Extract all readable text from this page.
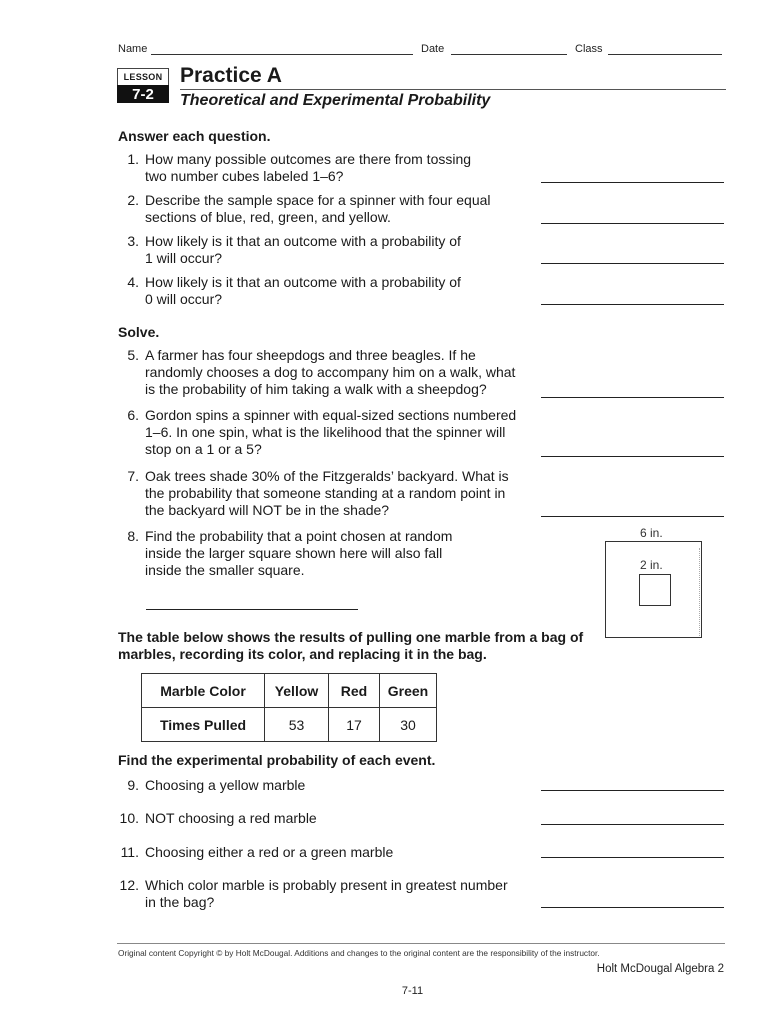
Name	Date	Class
LESSON
7-2
Practice A
Theoretical and Experimental Probability
Answer each question.
1. How many possible outcomes are there from tossing
two number cubes labeled 1–6?
2. Describe the sample space for a spinner with four equal
sections of blue, red, green, and yellow.
3. How likely is it that an outcome with a probability of
1 will occur?
4. How likely is it that an outcome with a probability of
0 will occur?
Solve.
5. A farmer has four sheepdogs and three beagles. If he
randomly chooses a dog to accompany him on a walk, what
is the probability of him taking a walk with a sheepdog?
6. Gordon spins a spinner with equal-sized sections numbered
1–6. In one spin, what is the likelihood that the spinner will
stop on a 1 or a 5?
7. Oak trees shade 30% of the Fitzgeralds’ backyard. What is
the probability that someone standing at a random point in
the backyard will NOT be in the shade?
8. Find the probability that a point chosen at random
inside the larger square shown here will also fall
inside the smaller square.
6 in.
2 in.
The table below shows the results of pulling one marble from a bag of
marbles, recording its color, and replacing it in the bag.
Marble Color	Yellow	Red	Green
Times Pulled	53	17	30
Find the experimental probability of each event.
9. Choosing a yellow marble
10. NOT choosing a red marble
11. Choosing either a red or a green marble
12. Which color marble is probably present in greatest number
in the bag?
Original content Copyright © by Holt McDougal. Additions and changes to the original content are the responsibility of the instructor.
Holt McDougal Algebra 2
7-11
